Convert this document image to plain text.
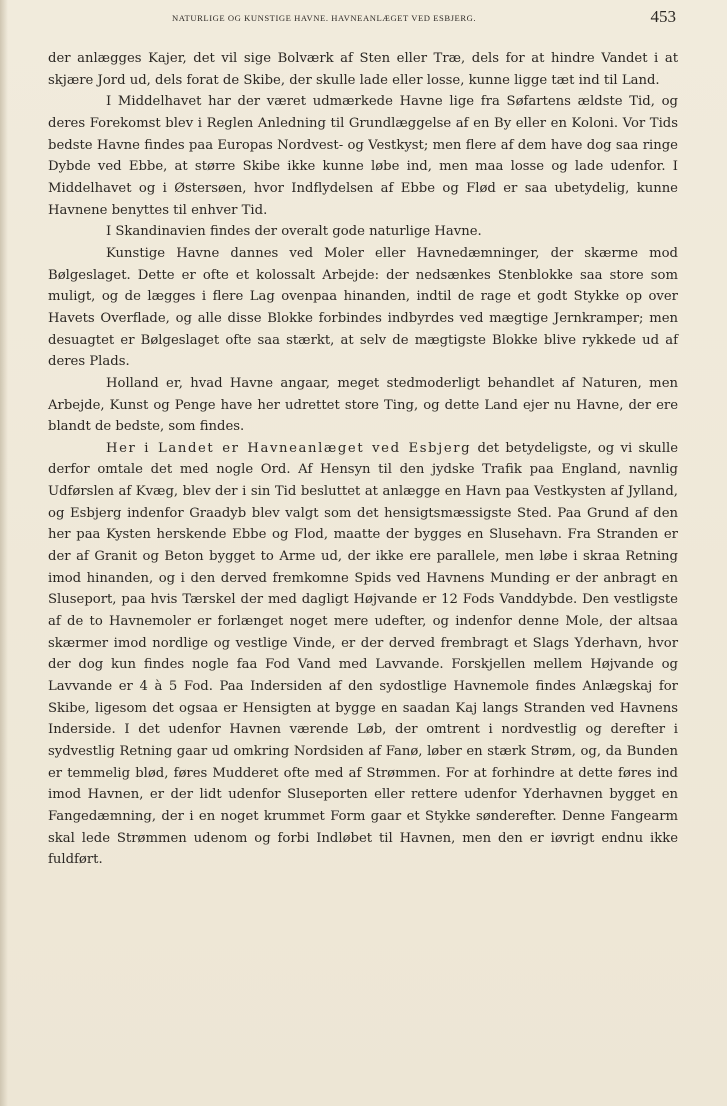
NATURLIGE OG KUNSTIGE HAVNE. HAVNEANLÆGET VED ESBJERG.	453

der anlægges Kajer, det vil sige Bolværk af Sten eller Træ, dels for at hindre Vandet i at skjære Jord ud, dels forat de Skibe, der skulle lade eller losse, kunne ligge tæt ind til Land.

I Middelhavet har der været udmærkede Havne lige fra Søfartens ældste Tid, og deres Forekomst blev i Reglen Anledning til Grundlæggelse af en By eller en Koloni. Vor Tids bedste Havne findes paa Europas Nordvest- og Vestkyst; men flere af dem have dog saa ringe Dybde ved Ebbe, at større Skibe ikke kunne løbe ind, men maa losse og lade udenfor. I Middelhavet og i Østersøen, hvor Indflydelsen af Ebbe og Flød er saa ubetydelig, kunne Havnene benyttes til enhver Tid.

I Skandinavien findes der overalt gode naturlige Havne.

Kunstige Havne dannes ved Moler eller Havnedæmninger, der skærme mod Bølgeslaget. Dette er ofte et kolossalt Arbejde: der nedsænkes Stenblokke saa store som muligt, og de lægges i flere Lag ovenpaa hinanden, indtil de rage et godt Stykke op over Havets Overflade, og alle disse Blokke forbindes indbyrdes ved mægtige Jernkramper; men desuagtet er Bølgeslaget ofte saa stærkt, at selv de mægtigste Blokke blive rykkede ud af deres Plads.

Holland er, hvad Havne angaar, meget stedmoderligt behandlet af Naturen, men Arbejde, Kunst og Penge have her udrettet store Ting, og dette Land ejer nu Havne, der ere blandt de bedste, som findes.

Her i Landet er Havneanlæget ved Esbjerg det betydeligste, og vi skulle derfor omtale det med nogle Ord. Af Hensyn til den jydske Trafik paa England, navnlig Udførslen af Kvæg, blev der i sin Tid besluttet at anlægge en Havn paa Vestkysten af Jylland, og Esbjerg indenfor Graadyb blev valgt som det hensigtsmæssigste Sted. Paa Grund af den her paa Kysten herskende Ebbe og Flod, maatte der bygges en Slusehavn. Fra Stranden er der af Granit og Beton bygget to Arme ud, der ikke ere parallele, men løbe i skraa Retning imod hinanden, og i den derved fremkomne Spids ved Havnens Munding er der anbragt en Sluseport, paa hvis Tærskel der med dagligt Højvande er 12 Fods Vanddybde. Den vestligste af de to Havnemoler er forlænget noget mere udefter, og indenfor denne Mole, der altsaa skærmer imod nordlige og vestlige Vinde, er der derved frembragt et Slags Yderhavn, hvor der dog kun findes nogle faa Fod Vand med Lavvande. Forskjellen mellem Højvande og Lavvande er 4 à 5 Fod. Paa Indersiden af den sydostlige Havnemole findes Anlægskaj for Skibe, ligesom det ogsaa er Hensigten at bygge en saadan Kaj langs Stranden ved Havnens Inderside. I det udenfor Havnen værende Løb, der omtrent i nordvestlig og derefter i sydvestlig Retning gaar ud omkring Nordsiden af Fanø, løber en stærk Strøm, og, da Bunden er temmelig blød, føres Mudderet ofte med af Strømmen. For at forhindre at dette føres ind imod Havnen, er der lidt udenfor Sluseporten eller rettere udenfor Yderhavnen bygget en Fangedæmning, der i en noget krummet Form gaar et Stykke sønderefter. Denne Fangearm skal lede Strømmen udenom og forbi Indløbet til Havnen, men den er iøvrigt endnu ikke fuldført.
